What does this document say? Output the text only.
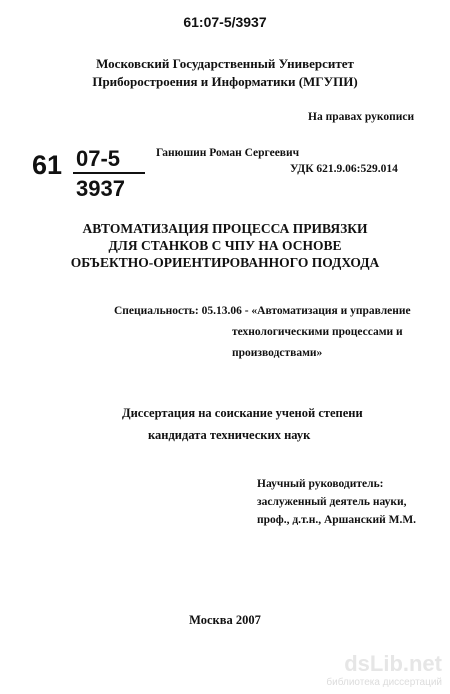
61:07-5/3937
Московский Государственный Университет
Приборостроения и Информатики (МГУПИ)
На правах рукописи
Ганюшин Роман Сергеевич
УДК 621.9.06:529.014
61 07-5
3937
АВТОМАТИЗАЦИЯ ПРОЦЕССА ПРИВЯЗКИ
ДЛЯ СТАНКОВ С ЧПУ НА ОСНОВЕ
ОБЪЕКТНО-ОРИЕНТИРОВАННОГО ПОДХОДА
Специальность: 05.13.06 - «Автоматизация и управление
технологическими процессами и
производствами»
Диссертация на соискание ученой степени
кандидата технических наук
Научный руководитель:
заслуженный деятель науки,
проф., д.т.н., Аршанский М.М.
Москва 2007
dsLib.net
библиотека диссертаций
